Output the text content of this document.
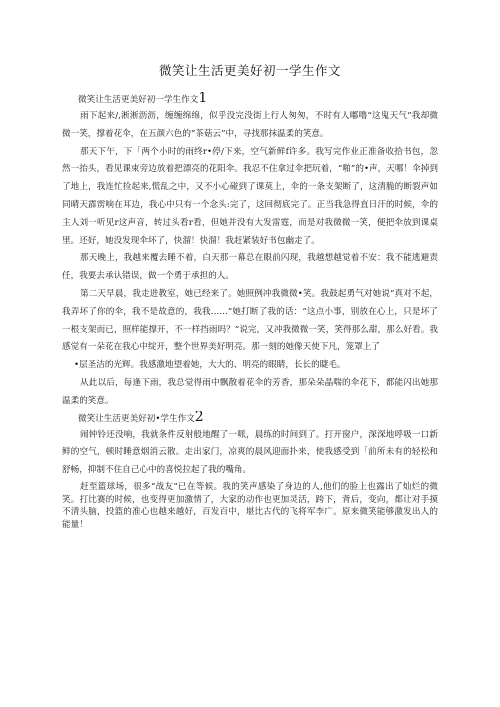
微笑让生活更美好初一学生作文
微笑让生活更美好初一学生作文1

雨下起来/,淅淅沥沥，缠缠绵绵，似乎没完没街上行人匆匆，不时有人嘟噜“这鬼天气”我却微微一笑，撑着花伞，在五颜六色的“茶菇云”中，寻找那抹温柔的笑意。

那天下午，下「两个小时的雨终r•停/下来，空气新鲜f许多。我写完作业正准备收拾书包，忽然一抬头，看见课束旁边放着把漂亮的花阳伞。我忍不住拿过伞把玩着，“啪”的•声，天哪！伞掉到了地上，我连忙捡起来,慌乱之中，又不小心碰到了课莫上，伞的一条支架断了，这清脆的断裂声如同晴天霹雳响在耳边，我心中只有一个念头:完了，这回彻底完了。正当我急得直日汗的时候，伞的主人刘一听见r这声音，转过头看r看，但她并没有大发雷霆，而是对我微微一笑，便把伞放到课桌里。还好，她没发现伞坏了，快溜！快溜！我赶紧装好书包幽走了。

那天晚上，我越来覆去睡不着，白天那一幕总在眼前闪现，我越想越觉着不安：我不能逃避责任，我要去承认错误，做一个勇于承担的人。

第二天早晨，我走进教室，她已经来了。她照例冲我微微•笑。我鼓起勇气对她说“真对不起，我弄坏了你的伞，我不是故意的，我我……”她打断了我的话：“这点小事，别放在心上，只是坏了一根支架而已，照样能撑开，不一样挡雨吗？”说完，又冲我微微一笑，笑得那么甜，那么好看。我感觉有一朵花在我心中绽开，整个世界美好明亮。那一刻的她像天使下凡，笼罩上了

•层圣洁的光辉。我感激地望着她，大大的、明亮的眼睛，长长的睫毛。

从此以后，每逢下雨，我总觉得雨中飘散着花伞的芳香，那朵朵晶喘的伞花下，都能闪出她那温柔的笑意。

微笑让生活更美好初•学生作文2

闹钟铃还没响，我就条件反射般地醒了一哌，晨练的时间到了。打开窗户，深深地呼吸一口新鲜的空气，顿时睡意烟消云散。走出家门，凉爽的晨风迎面扑来，使我感受到「前所未有的轻松和舒畅，抑制不住自己心中的喜悦拉起了我的嘴角。

赶至篮球场，很多“战友”已在等候。我的笑声感染了身边的人,他们的脸上也露出了灿烂的微笑。打比赛的时候，也变得更加激情了，大家的动作也更加灵活，跨下，背后，变向，都让对手摸不清头脑，投篮的准心也越来越好，百发百中，堪比古代的飞将军李广。原来微笑能够激发出人的能量！
